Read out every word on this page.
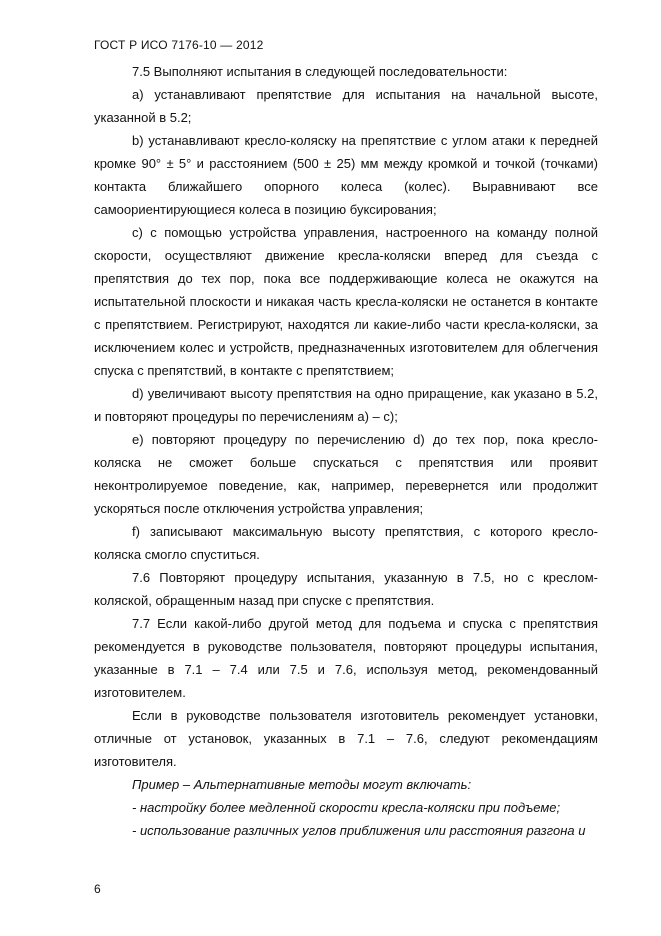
ГОСТ Р ИСО 7176-10 — 2012

7.5 Выполняют испытания в следующей последовательности:

a) устанавливают препятствие для испытания на начальной высоте, указанной в 5.2;

b) устанавливают кресло-коляску на препятствие с углом атаки к передней кромке 90° ± 5° и расстоянием (500 ± 25) мм между кромкой и точкой (точками) контакта ближайшего опорного колеса (колес). Выравнивают все самоориентирующиеся колеса в позицию буксирования;

c) с помощью устройства управления, настроенного на команду полной скорости, осуществляют движение кресла-коляски вперед для съезда с препятствия до тех пор, пока все поддерживающие колеса не окажутся на испытательной плоскости и никакая часть кресла-коляски не останется в контакте с препятствием. Регистрируют, находятся ли какие-либо части кресла-коляски, за исключением колес и устройств, предназначенных изготовителем для облегчения спуска с препятствий, в контакте с препятствием;

d) увеличивают высоту препятствия на одно приращение, как указано в 5.2, и повторяют процедуры по перечислениям а) – с);

e) повторяют процедуру по перечислению d) до тех пор, пока кресло-коляска не сможет больше спускаться с препятствия или проявит неконтролируемое поведение, как, например, перевернется или продолжит ускоряться после отключения устройства управления;

f) записывают максимальную высоту препятствия, с которого кресло-коляска смогло спуститься.

7.6 Повторяют процедуру испытания, указанную в 7.5, но с креслом-коляской, обращенным назад при спуске с препятствия.

7.7 Если какой-либо другой метод для подъема и спуска с препятствия рекомендуется в руководстве пользователя, повторяют процедуры испытания, указанные в 7.1 – 7.4 или 7.5 и 7.6, используя метод, рекомендованный изготовителем.

Если в руководстве пользователя изготовитель рекомендует установки, отличные от установок, указанных в 7.1 – 7.6, следуют рекомендациям изготовителя.

Пример – Альтернативные методы могут включать:

- настройку более медленной скорости кресла-коляски при подъеме;

- использование различных углов приближения или расстояния разгона и

6
